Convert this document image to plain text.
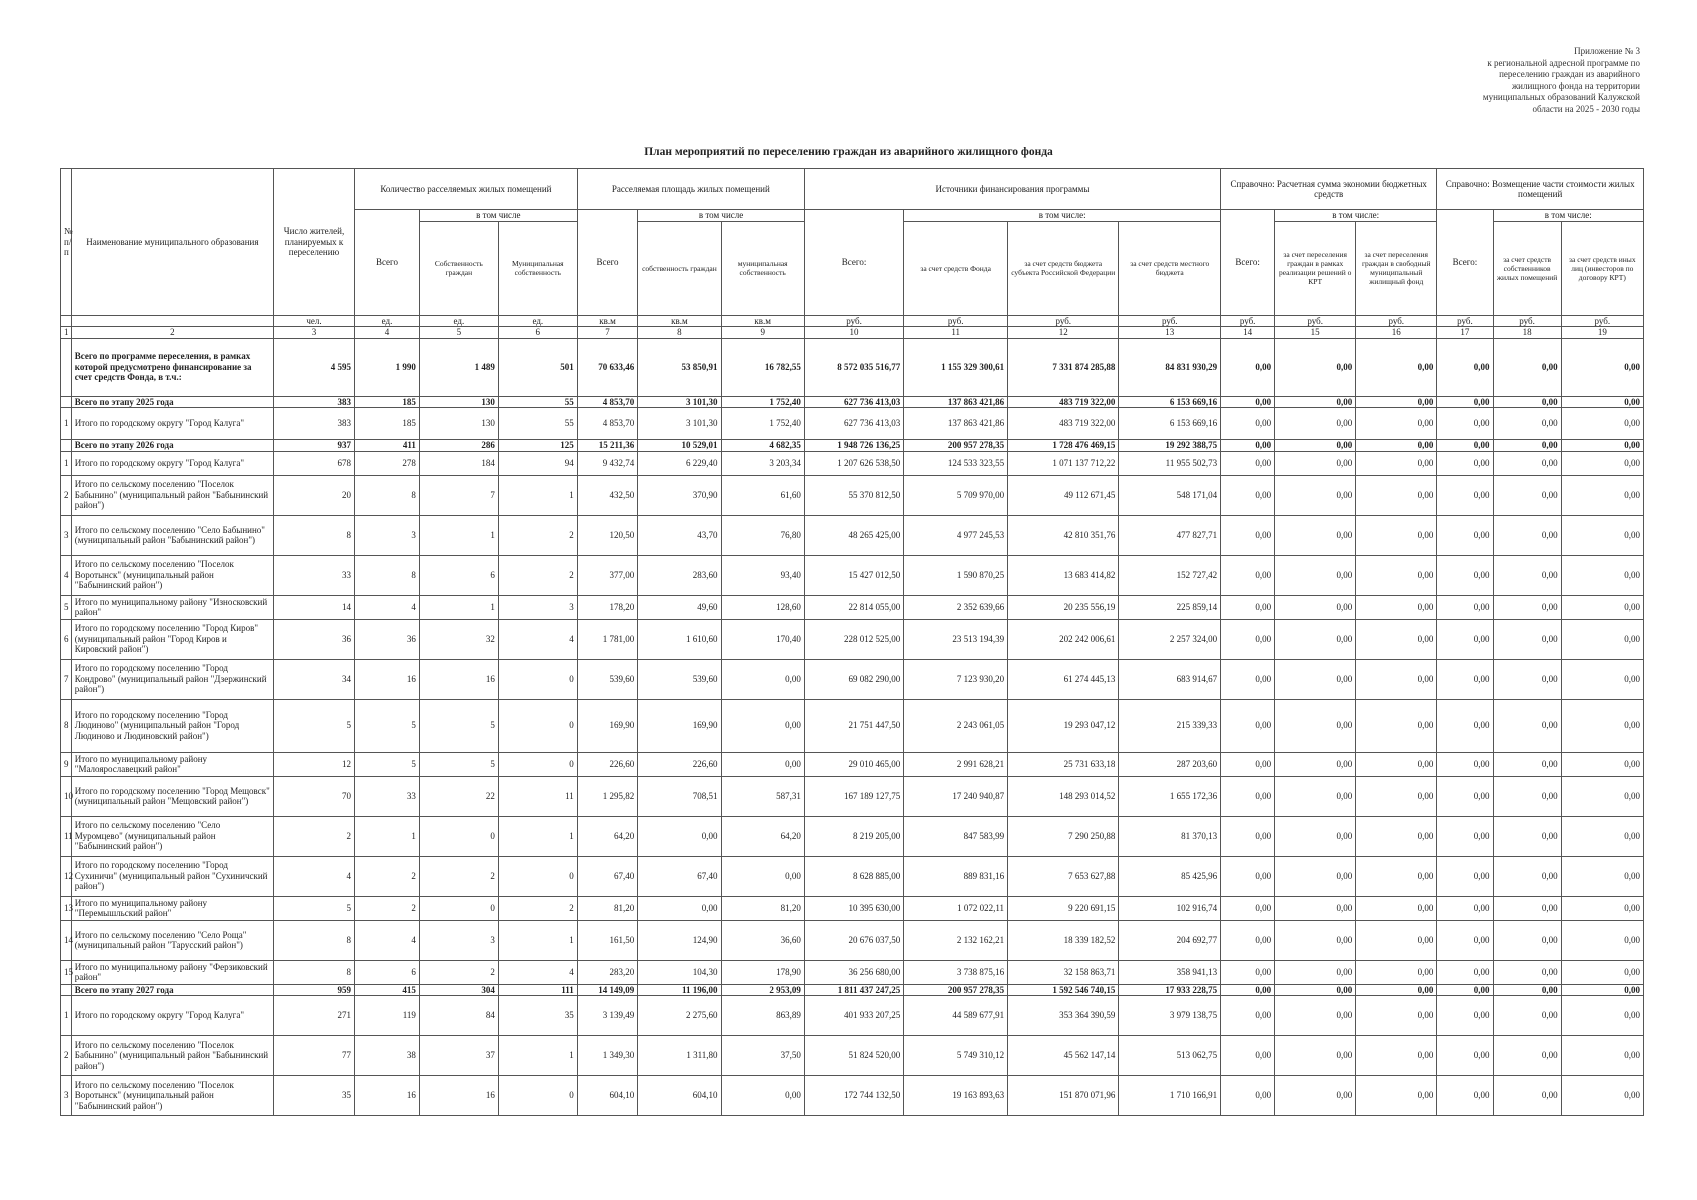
Приложение № 3
к региональной адресной программе по
переселению граждан из аварийного
жилищного фонда на территории
муниципальных образований Калужской
области на 2025 - 2030 годы
План мероприятий по переселению граждан из аварийного жилищного фонда
№ п/п	Наименование муниципального образования	Число жителей, планируемых к переселению	Количество расселяемых жилых помещений			Расселяемая площадь жилых помещений			Источники финансирования программы				Справочно: Расчетная сумма экономии бюджетных средств			Справочно: Возмещение части стоимости жилых помещений		
			Всего	в том числе		Всего	в том числе		Всего:	в том числе:			Всего:	в том числе:		Всего:	в том числе:	
				Собственность граждан	Муниципальная собственность		собственность граждан	муниципальная собственность		за счет средств Фонда	за счет средств бюджета субъекта Российской Федерации	за счет средств местного бюджета		за счет переселения граждан в рамках реализации решений о КРТ	за счет переселения граждан в свободный муниципальный жилищный фонд		за счет средств собственников жилых помещений	за счет средств иных лиц (инвесторов по договору КРТ)
		чел.	ед.	ед.	ед.	кв.м	кв.м	кв.м	руб.	руб.	руб.	руб.	руб.	руб.	руб.	руб.	руб.	руб.
1	2	3	4	5	6	7	8	9	10	11	12	13	14	15	16	17	18	19
	Всего по программе переселения, в рамках которой предусмотрено финансирование за счет средств Фонда, в т.ч.:	4 595	1 990	1 489	501	70 633,46	53 850,91	16 782,55	8 572 035 516,77	1 155 329 300,61	7 331 874 285,88	84 831 930,29	0,00	0,00	0,00	0,00	0,00	0,00
	Всего по этапу 2025 года	383	185	130	55	4 853,70	3 101,30	1 752,40	627 736 413,03	137 863 421,86	483 719 322,00	6 153 669,16	0,00	0,00	0,00	0,00	0,00	0,00
1	Итого по городскому округу "Город Калуга"	383	185	130	55	4 853,70	3 101,30	1 752,40	627 736 413,03	137 863 421,86	483 719 322,00	6 153 669,16	0,00	0,00	0,00	0,00	0,00	0,00
	Всего по этапу 2026 года	937	411	286	125	15 211,36	10 529,01	4 682,35	1 948 726 136,25	200 957 278,35	1 728 476 469,15	19 292 388,75	0,00	0,00	0,00	0,00	0,00	0,00
1	Итого по городскому округу "Город Калуга"	678	278	184	94	9 432,74	6 229,40	3 203,34	1 207 626 538,50	124 533 323,55	1 071 137 712,22	11 955 502,73	0,00	0,00	0,00	0,00	0,00	0,00
2	Итого по сельскому поселению "Поселок Бабынино" (муниципальный район "Бабынинский район")	20	8	7	1	432,50	370,90	61,60	55 370 812,50	5 709 970,00	49 112 671,45	548 171,04	0,00	0,00	0,00	0,00	0,00	0,00
3	Итого по сельскому поселению "Село Бабынино" (муниципальный район "Бабынинский район")	8	3	1	2	120,50	43,70	76,80	48 265 425,00	4 977 245,53	42 810 351,76	477 827,71	0,00	0,00	0,00	0,00	0,00	0,00
4	Итого по сельскому поселению "Поселок Воротынск" (муниципальный район "Бабынинский район")	33	8	6	2	377,00	283,60	93,40	15 427 012,50	1 590 870,25	13 683 414,82	152 727,42	0,00	0,00	0,00	0,00	0,00	0,00
5	Итого по муниципальному району "Износковский район"	14	4	1	3	178,20	49,60	128,60	22 814 055,00	2 352 639,66	20 235 556,19	225 859,14	0,00	0,00	0,00	0,00	0,00	0,00
6	Итого по городскому поселению "Город Киров" (муниципальный район "Город Киров и Кировский район")	36	36	32	4	1 781,00	1 610,60	170,40	228 012 525,00	23 513 194,39	202 242 006,61	2 257 324,00	0,00	0,00	0,00	0,00	0,00	0,00
7	Итого по городскому поселению "Город Кондрово" (муниципальный район "Дзержинский район")	34	16	16	0	539,60	539,60	0,00	69 082 290,00	7 123 930,20	61 274 445,13	683 914,67	0,00	0,00	0,00	0,00	0,00	0,00
8	Итого по городскому поселению "Город Людиново" (муниципальный район "Город Людиново и Людиновский район")	5	5	5	0	169,90	169,90	0,00	21 751 447,50	2 243 061,05	19 293 047,12	215 339,33	0,00	0,00	0,00	0,00	0,00	0,00
9	Итого по муниципальному району "Малоярославецкий район"	12	5	5	0	226,60	226,60	0,00	29 010 465,00	2 991 628,21	25 731 633,18	287 203,60	0,00	0,00	0,00	0,00	0,00	0,00
10	Итого по городскому поселению "Город Мещовск" (муниципальный район "Мещовский район")	70	33	22	11	1 295,82	708,51	587,31	167 189 127,75	17 240 940,87	148 293 014,52	1 655 172,36	0,00	0,00	0,00	0,00	0,00	0,00
11	Итого по сельскому поселению "Село Муромцево" (муниципальный район "Бабынинский район")	2	1	0	1	64,20	0,00	64,20	8 219 205,00	847 583,99	7 290 250,88	81 370,13	0,00	0,00	0,00	0,00	0,00	0,00
12	Итого по городскому поселению "Город Сухиничи" (муниципальный район "Сухиничский район")	4	2	2	0	67,40	67,40	0,00	8 628 885,00	889 831,16	7 653 627,88	85 425,96	0,00	0,00	0,00	0,00	0,00	0,00
13	Итого по муниципальному району "Перемышльский район"	5	2	0	2	81,20	0,00	81,20	10 395 630,00	1 072 022,11	9 220 691,15	102 916,74	0,00	0,00	0,00	0,00	0,00	0,00
14	Итого по сельскому поселению "Село Роща" (муниципальный район "Тарусский район")	8	4	3	1	161,50	124,90	36,60	20 676 037,50	2 132 162,21	18 339 182,52	204 692,77	0,00	0,00	0,00	0,00	0,00	0,00
15	Итого по муниципальному району "Ферзиковский район"	8	6	2	4	283,20	104,30	178,90	36 256 680,00	3 738 875,16	32 158 863,71	358 941,13	0,00	0,00	0,00	0,00	0,00	0,00
	Всего по этапу 2027 года	959	415	304	111	14 149,09	11 196,00	2 953,09	1 811 437 247,25	200 957 278,35	1 592 546 740,15	17 933 228,75	0,00	0,00	0,00	0,00	0,00	0,00
1	Итого по городскому округу "Город Калуга"	271	119	84	35	3 139,49	2 275,60	863,89	401 933 207,25	44 589 677,91	353 364 390,59	3 979 138,75	0,00	0,00	0,00	0,00	0,00	0,00
2	Итого по сельскому поселению "Поселок Бабынино" (муниципальный район "Бабынинский район")	77	38	37	1	1 349,30	1 311,80	37,50	51 824 520,00	5 749 310,12	45 562 147,14	513 062,75	0,00	0,00	0,00	0,00	0,00	0,00
3	Итого по сельскому поселению "Поселок Воротынск" (муниципальный район "Бабынинский район")	35	16	16	0	604,10	604,10	0,00	172 744 132,50	19 163 893,63	151 870 071,96	1 710 166,91	0,00	0,00	0,00	0,00	0,00	0,00
